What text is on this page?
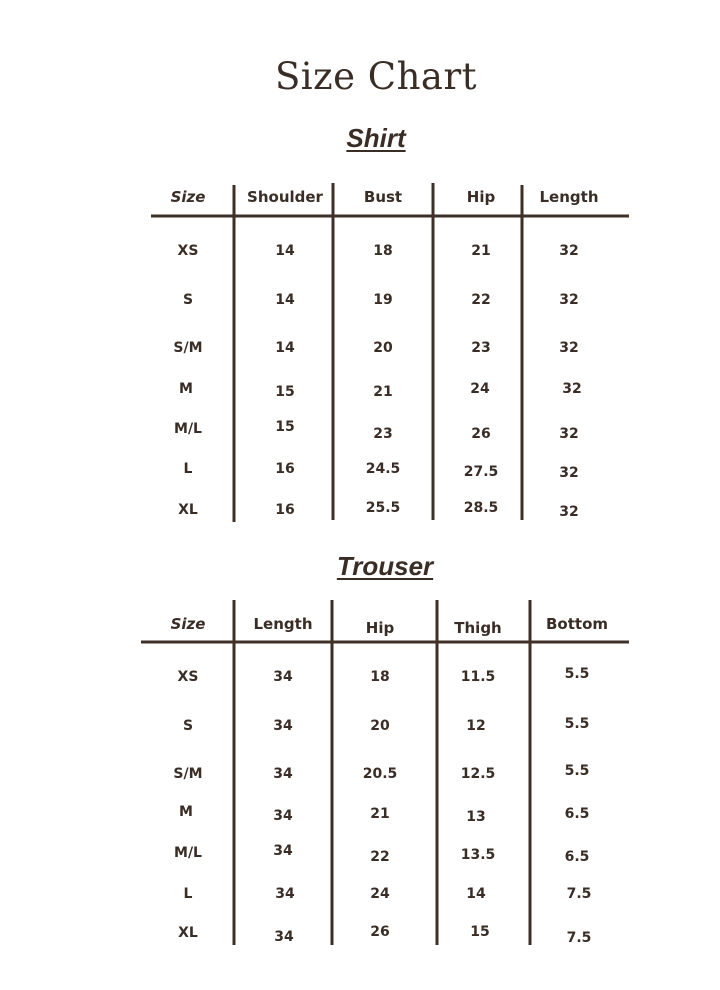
Size Chart
Shirt
Trouser
Size	Shoulder	Bust	Hip	Length
XS	14	18	21	32
S	14	19	22	32
S/M	14	20	23	32
M	15	21	24	32
M/L	15	23	26	32
L	16	24.5	27.5	32
XL	16	25.5	28.5	32
Size	Length	Hip	Thigh	Bottom
XS	34	18	11.5	5.5
S	34	20	12	5.5
S/M	34	20.5	12.5	5.5
M	34	21	13	6.5
M/L	34	22	13.5	6.5
L	34	24	14	7.5
XL	34	26	15	7.5
